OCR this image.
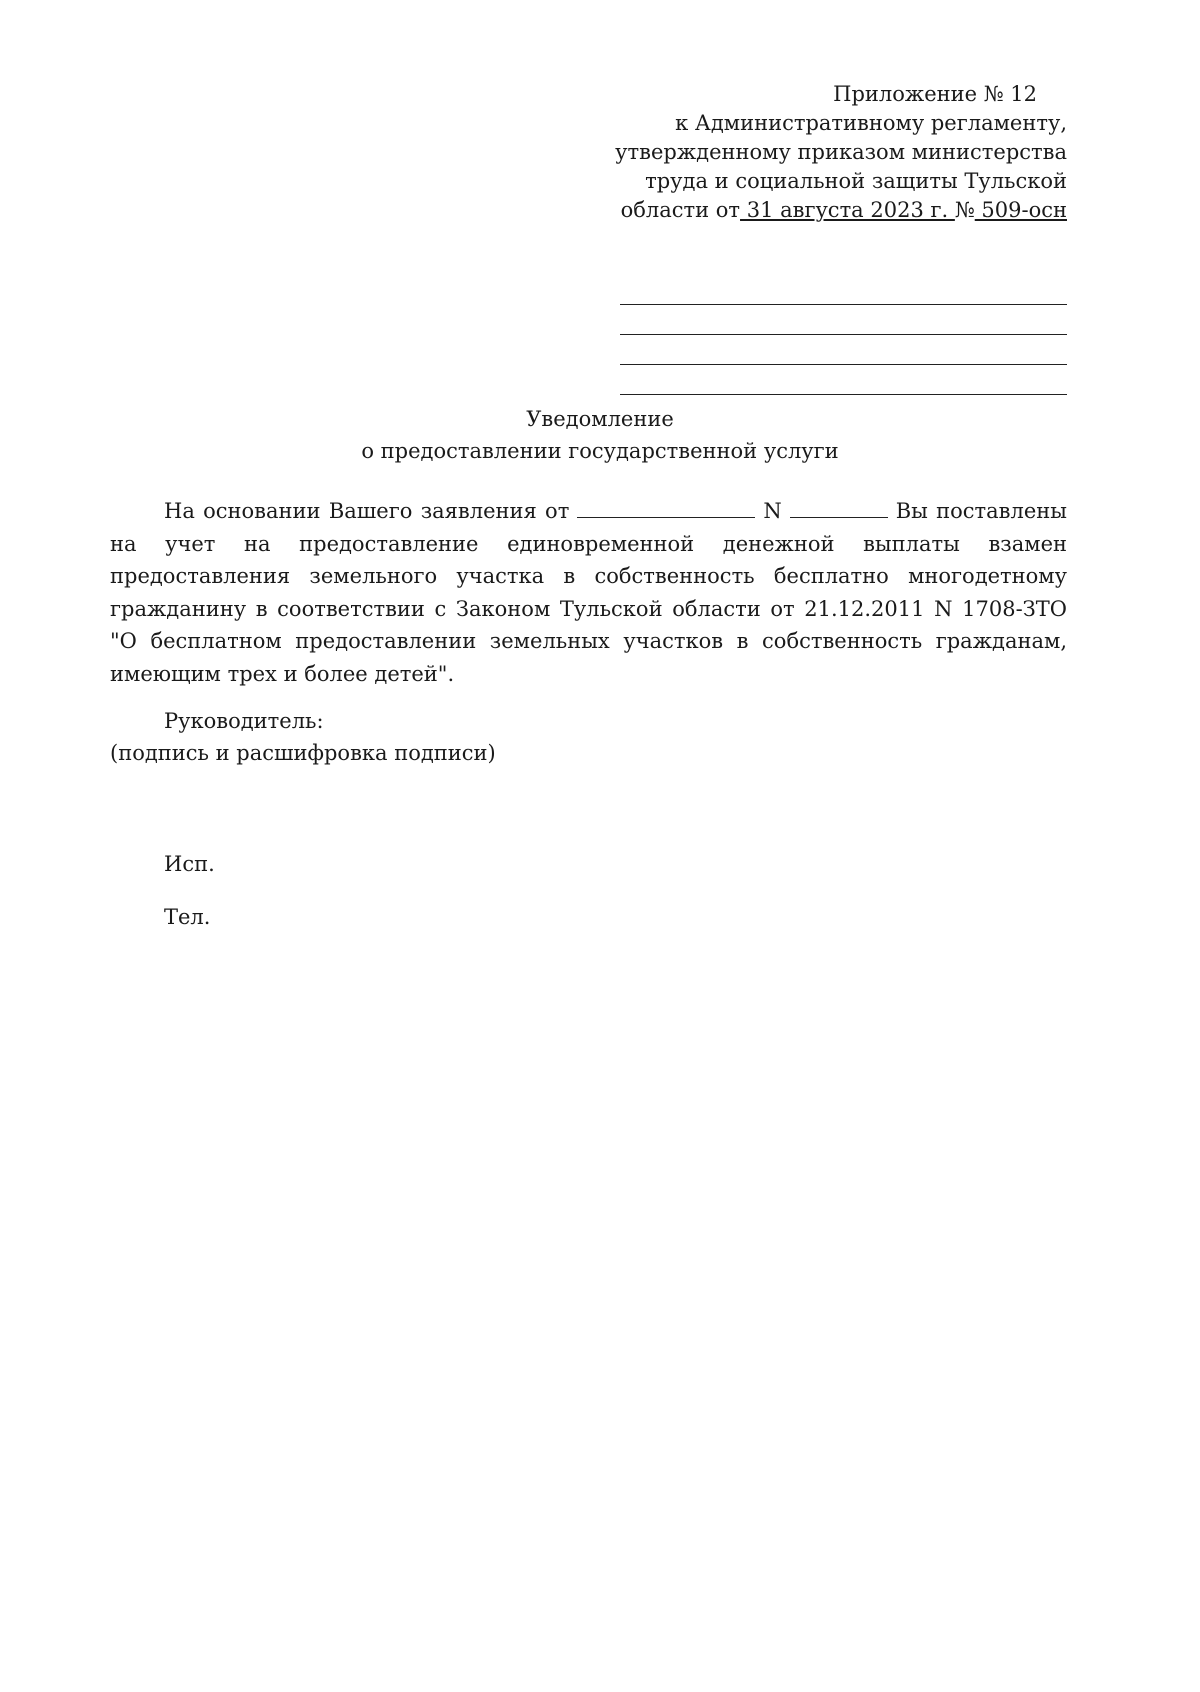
Приложение № 12
к Административному регламенту,
утвержденному приказом министерства
труда и социальной защиты Тульской
области от 31 августа 2023 г. № 509-осн
Уведомление
о предоставлении государственной услуги
На основании Вашего заявления от	N	Вы поставлены на учет на предоставление единовременной денежной выплаты взамен предоставления земельного участка в собственность бесплатно многодетному гражданину в соответствии с Законом Тульской области от 21.12.2011 N 1708-ЗТО "О бесплатном предоставлении земельных участков в собственность гражданам, имеющим трех и более детей".
Руководитель:
(подпись и расшифровка подписи)
Исп.
Тел.
